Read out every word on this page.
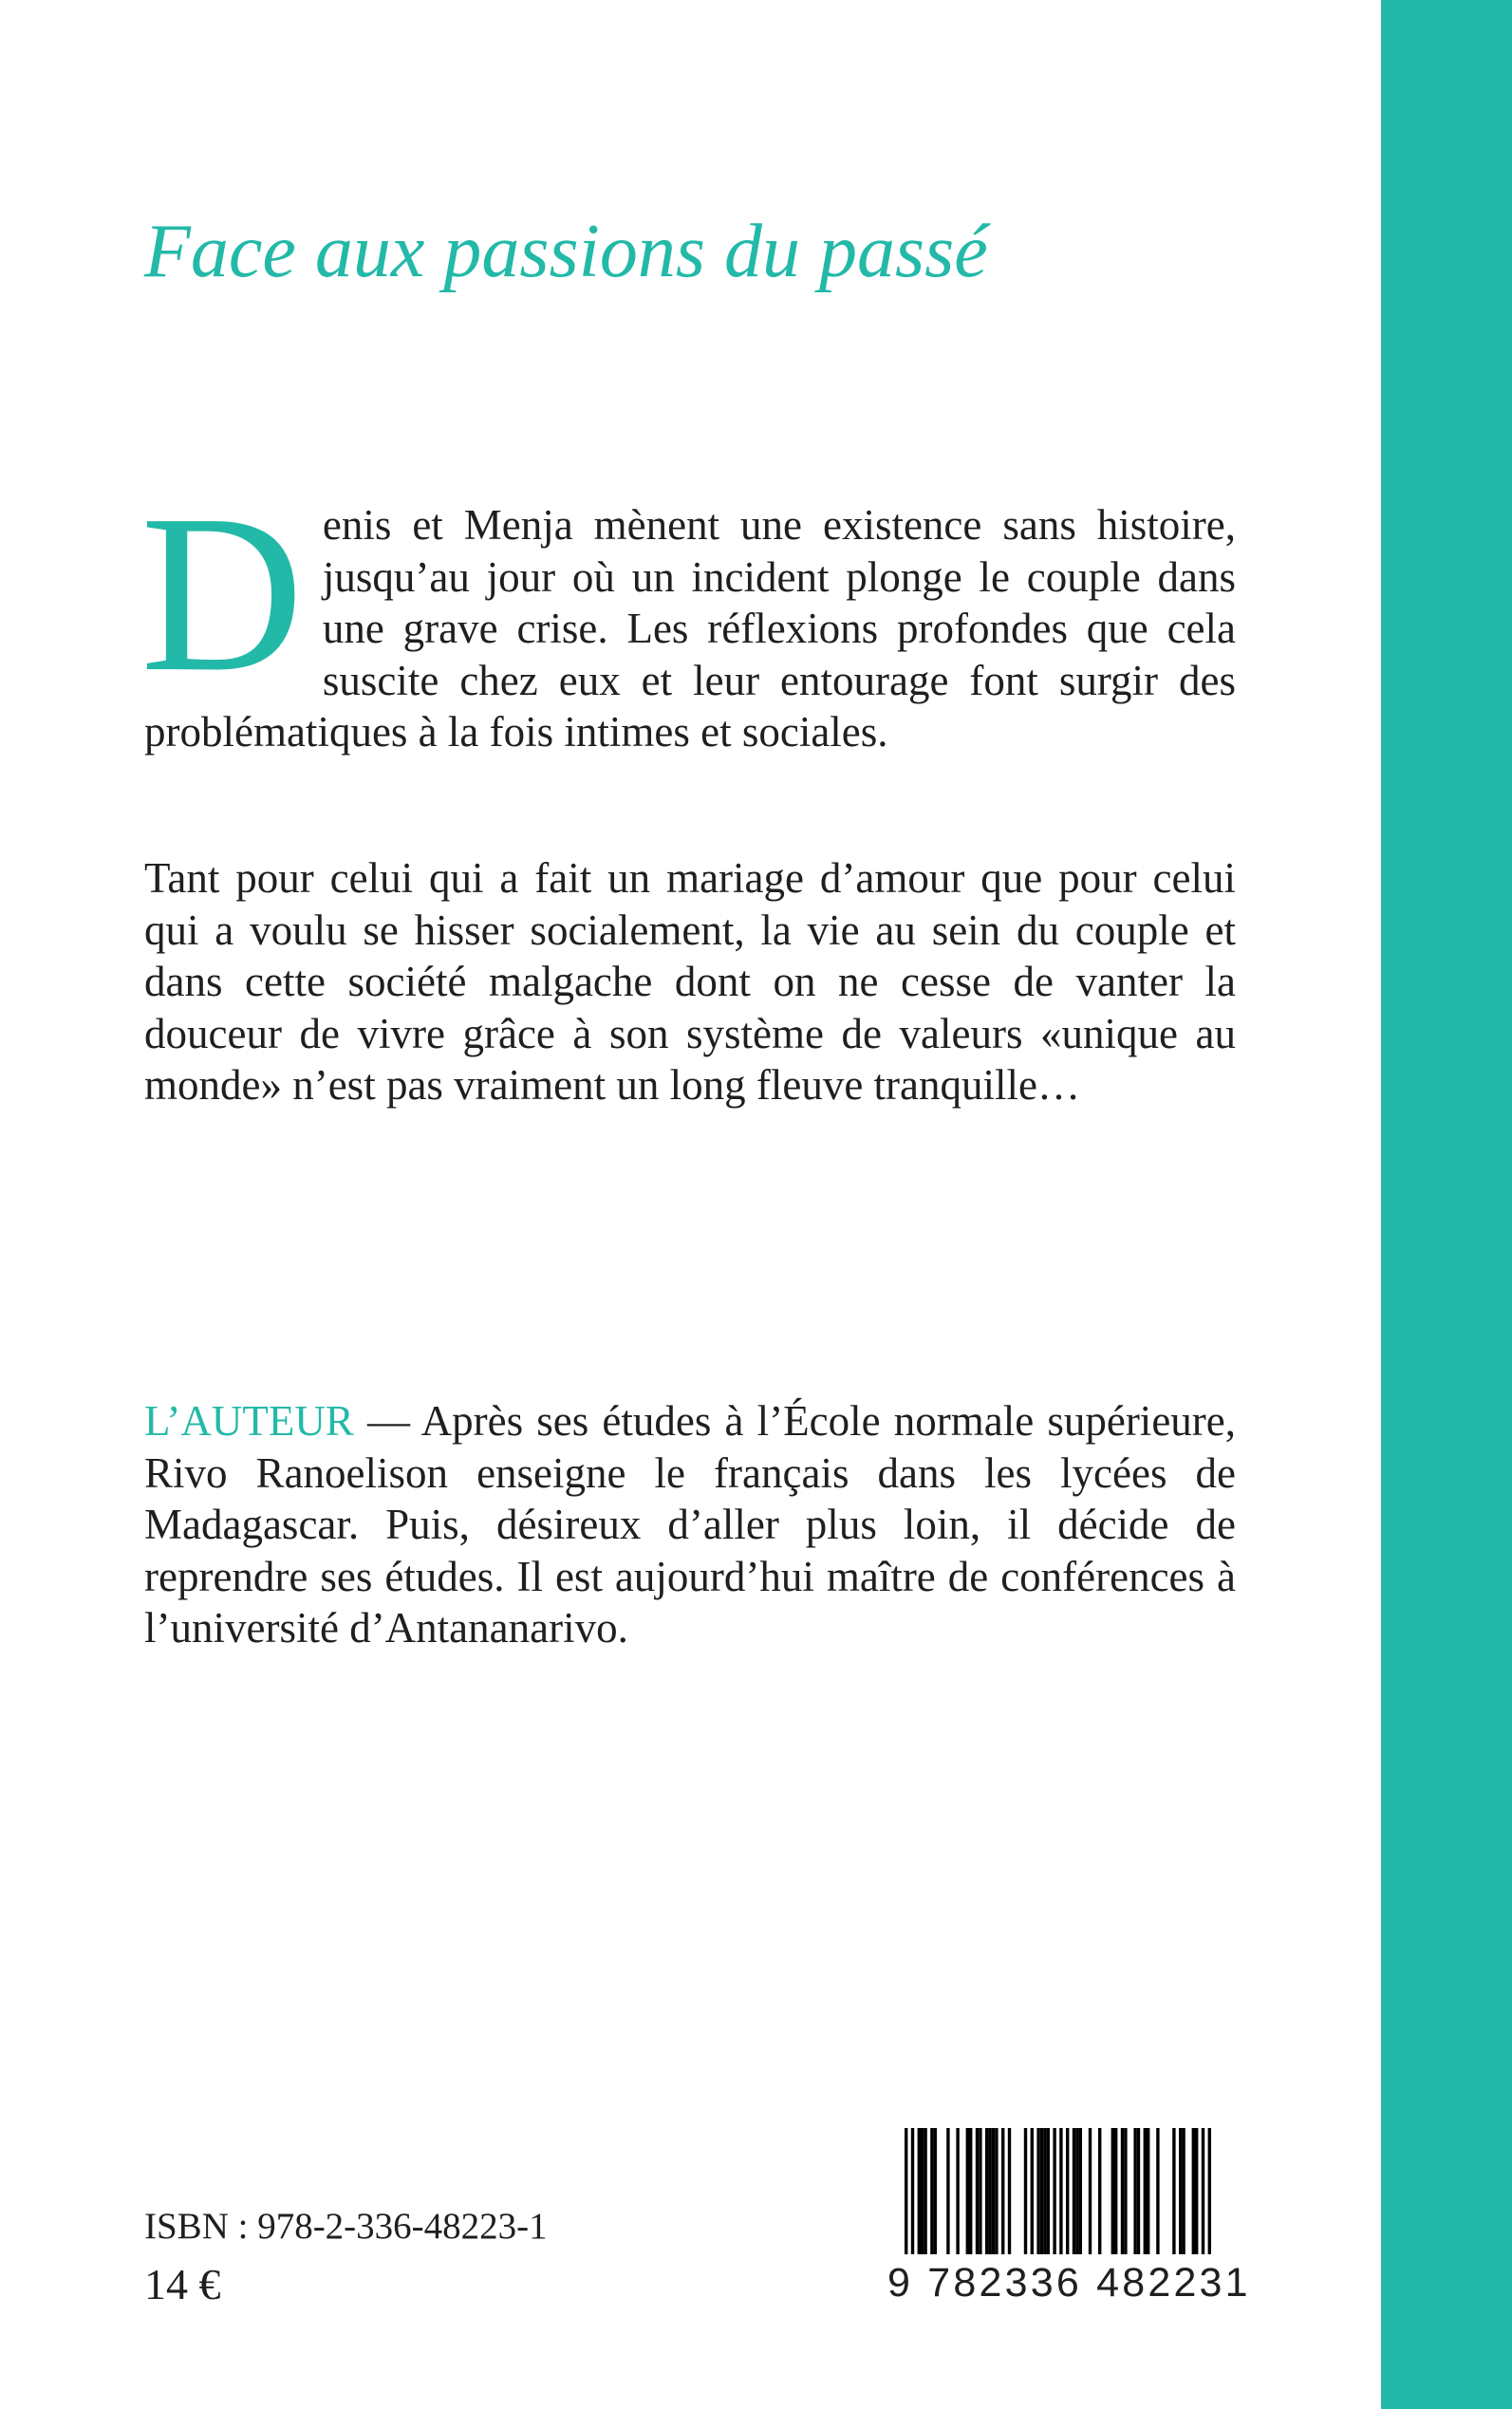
Face aux passions du passé

Denis et Menja mènent une existence sans histoire, jusqu’au jour où un incident plonge le couple dans une grave crise. Les réflexions profondes que cela suscite chez eux et leur entourage font surgir des problématiques à la fois intimes et sociales.

Tant pour celui qui a fait un mariage d’amour que pour celui qui a voulu se hisser socialement, la vie au sein du couple et dans cette société malgache dont on ne cesse de vanter la douceur de vivre grâce à son système de valeurs «unique au monde» n’est pas vraiment un long fleuve tranquille…

L’AUTEUR — Après ses études à l’École normale supérieure, Rivo Ranoelison enseigne le français dans les lycées de Madagascar. Puis, désireux d’aller plus loin, il décide de reprendre ses études. Il est aujourd’hui maître de conférences à l’université d’Antananarivo.

ISBN : 978-2-336-48223-1

14 €	9 782336 482231
